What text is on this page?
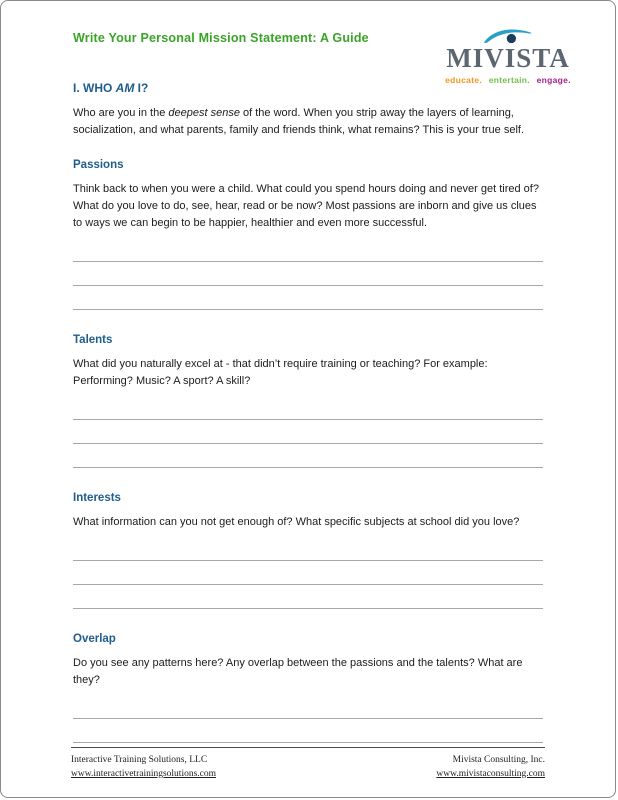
Write Your Personal Mission Statement: A Guide
MIVISTA
educate. entertain. engage.
I. WHO AM I?

Who are you in the deepest sense of the word. When you strip away the layers of learning, socialization, and what parents, family and friends think, what remains? This is your true self.

Passions

Think back to when you were a child. What could you spend hours doing and never get tired of? What do you love to do, see, hear, read or be now? Most passions are inborn and give us clues to ways we can begin to be happier, healthier and even more successful.

Talents

What did you naturally excel at - that didn’t require training or teaching? For example: Performing? Music? A sport? A skill?

Interests

What information can you not get enough of? What specific subjects at school did you love?

Overlap

Do you see any patterns here? Any overlap between the passions and the talents? What are they?

Interactive Training Solutions, LLC
www.interactivetrainingsolutions.com
Mivista Consulting, Inc.
www.mivistaconsulting.com
